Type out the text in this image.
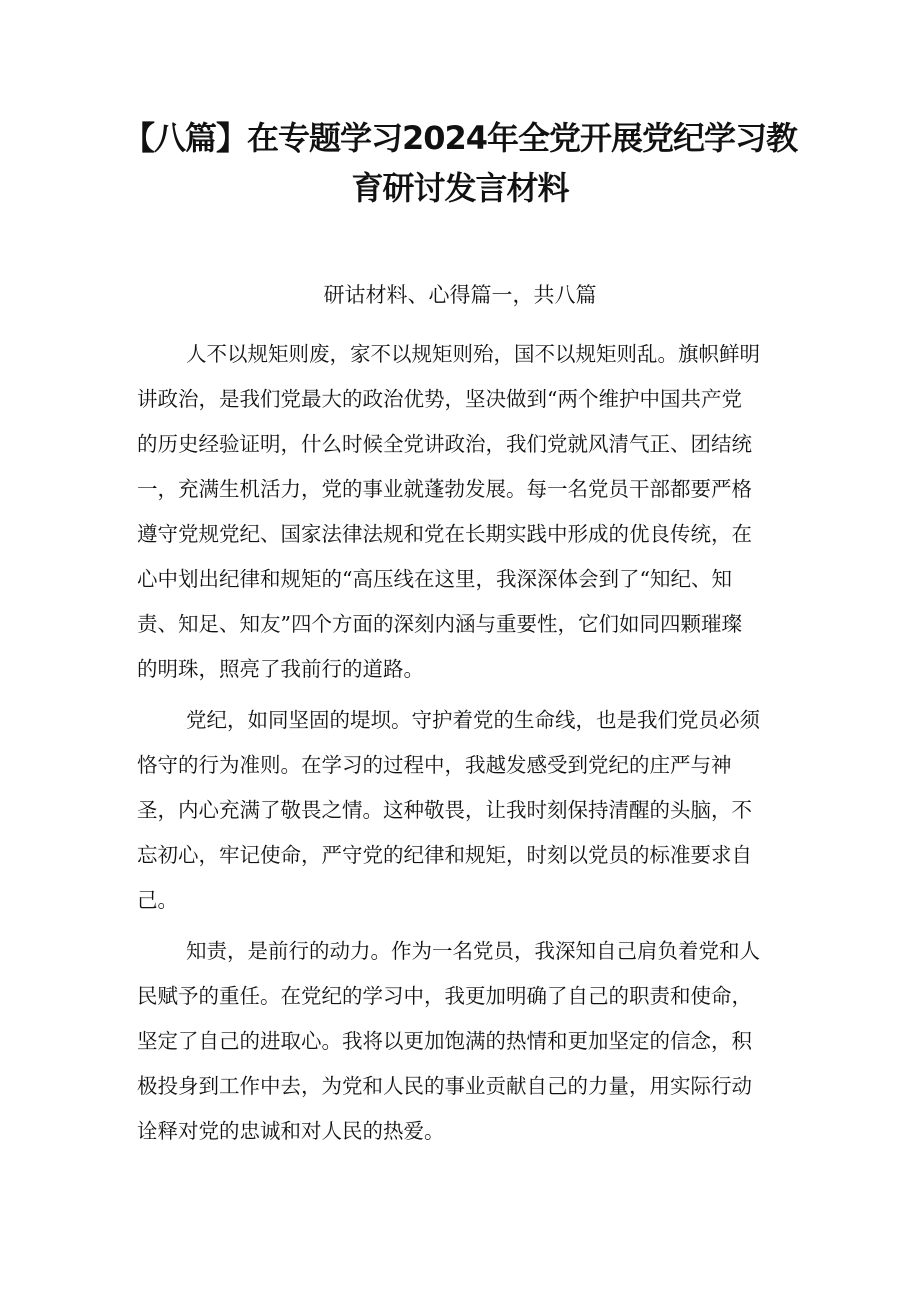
【八篇】在专题学习2024年全党开展党纪学习教
育研讨发言材料
研诂材料、心得篇一，共八篇
人不以规矩则废，家不以规矩则殆，国不以规矩则乱。旗帜鲜明
讲政治，是我们党最大的政治优势，坚决做到“两个维护中国共产党
的历史经验证明，什么时候全党讲政治，我们党就风清气正、团结统
一，充满生机活力，党的事业就蓬勃发展。每一名党员干部都要严格
遵守党规党纪、国家法律法规和党在长期实践中形成的优良传统，在
心中划出纪律和规矩的“高压线在这里，我深深体会到了“知纪、知
责、知足、知友”四个方面的深刻内涵与重要性，它们如同四颗璀璨
的明珠，照亮了我前行的道路。
党纪，如同坚固的堤坝。守护着党的生命线，也是我们党员必须
恪守的行为准则。在学习的过程中，我越发感受到党纪的庄严与神
圣，内心充满了敬畏之情。这种敬畏，让我时刻保持清醒的头脑，不
忘初心，牢记使命，严守党的纪律和规矩，时刻以党员的标准要求自
己。
知责，是前行的动力。作为一名党员，我深知自己肩负着党和人
民赋予的重任。在党纪的学习中，我更加明确了自己的职责和使命，
坚定了自己的进取心。我将以更加饱满的热情和更加坚定的信念，积
极投身到工作中去，为党和人民的事业贡献自己的力量，用实际行动
诠释对党的忠诚和对人民的热爱。
